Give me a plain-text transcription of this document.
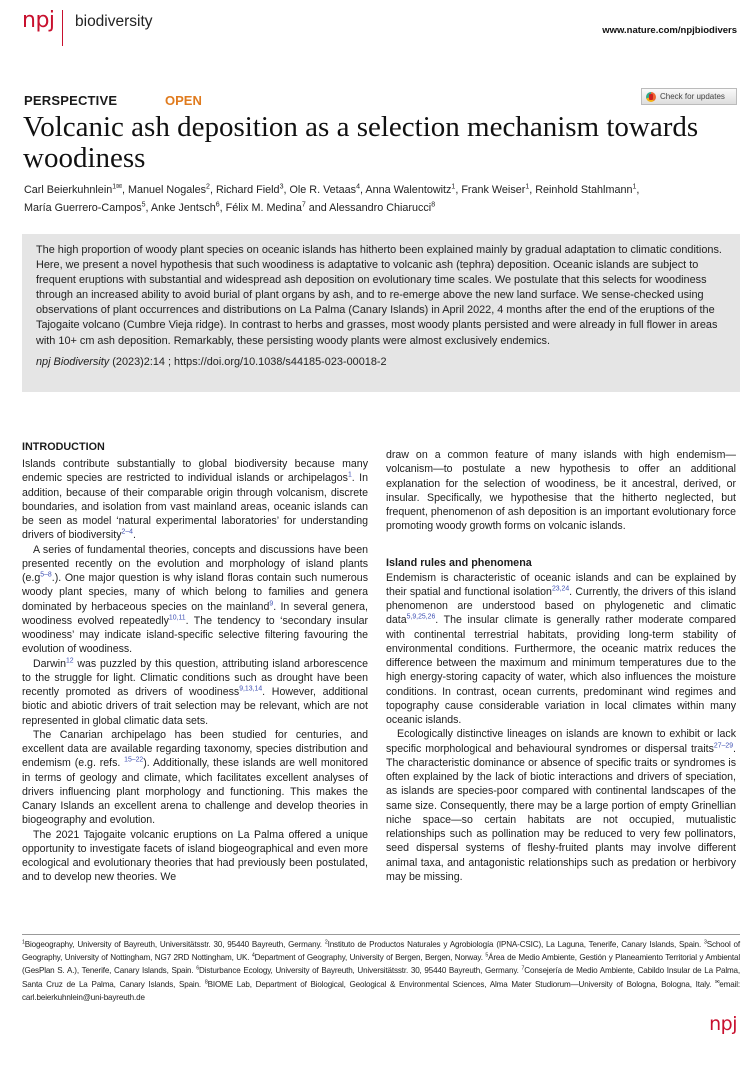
npj biodiversity
www.nature.com/npjbiodivers
PERSPECTIVE	OPEN	Check for updates
Volcanic ash deposition as a selection mechanism towards woodiness
Carl Beierkuhnlein$^{1✉}$, Manuel Nogales$^2$, Richard Field$^3$, Ole R. Vetaas$^4$, Anna Walentowitz$^1$, Frank Weiser$^1$, Reinhold Stahlmann$^1$,
María Guerrero-Campos$^5$, Anke Jentsch$^6$, Félix M. Medina$^7$ and Alessandro Chiarucci$^8$
The high proportion of woody plant species on oceanic islands has hitherto been explained mainly by gradual adaptation to climatic conditions. Here, we present a novel hypothesis that such woodiness is adaptative to volcanic ash (tephra) deposition. Oceanic islands are subject to frequent eruptions with substantial and widespread ash deposition on evolutionary time scales. We postulate that this selects for woodiness through an increased ability to avoid burial of plant organs by ash, and to re-emerge above the new land surface. We sense-checked using observations of plant occurrences and distributions on La Palma (Canary Islands) in April 2022, 4 months after the end of the eruptions of the Tajogaite volcano (Cumbre Vieja ridge). In contrast to herbs and grasses, most woody plants persisted and were already in full flower in areas with 10+ cm ash deposition. Remarkably, these persisting woody plants were almost exclusively endemics.
npj Biodiversity (2023)2:14 ; https://doi.org/10.1038/s44185-023-00018-2
INTRODUCTION

Islands contribute substantially to global biodiversity because many endemic species are restricted to individual islands or archipelagos$^1$. In addition, because of their comparable origin through volcanism, discrete boundaries, and isolation from vast mainland areas, oceanic islands can be seen as model ‘natural experimental laboratories’ for understanding drivers of biodiversity$^{2-4}$.

A series of fundamental theories, concepts and discussions have been presented recently on the evolution and morphology of island plants (e.g$^{5-8}$.). One major question is why island floras contain such numerous woody plant species, many of which belong to families and genera dominated by herbaceous species on the mainland$^9$. In several genera, woodiness evolved repeatedly$^{10,11}$. The tendency to ‘secondary insular woodiness’ may indicate island-specific selective filtering favouring the evolution of woodiness.

Darwin$^{12}$ was puzzled by this question, attributing island arborescence to the struggle for light. Climatic conditions such as drought have been recently promoted as drivers of woodiness$^{9,13,14}$. However, additional biotic and abiotic drivers of trait selection may be relevant, which are not represented in global climatic data sets.

The Canarian archipelago has been studied for centuries, and excellent data are available regarding taxonomy, species distribution and endemism (e.g. refs. $^{15-22}$). Additionally, these islands are well monitored in terms of geology and climate, which facilitates excellent analyses of drivers influencing plant morphology and functioning. This makes the Canary Islands an excellent arena to challenge and develop theories in biogeography and evolution.

The 2021 Tajogaite volcanic eruptions on La Palma offered a unique opportunity to investigate facets of island biogeographical and even more ecological and evolutionary theories that had previously been postulated, and to develop new theories. We

draw on a common feature of many islands with high endemism—volcanism—to postulate a new hypothesis to offer an additional explanation for the selection of woodiness, be it ancestral, derived, or insular. Specifically, we hypothesise that the hitherto neglected, but frequent, phenomenon of ash deposition is an important evolutionary force promoting woody growth forms on volcanic islands.

Island rules and phenomena

Endemism is characteristic of oceanic islands and can be explained by their spatial and functional isolation$^{23,24}$. Currently, the drivers of this island phenomenon are understood based on phylogenetic and climatic data$^{5,9,25,26}$. The insular climate is generally rather moderate compared with continental terrestrial habitats, providing long-term stability of environmental conditions. Furthermore, the oceanic matrix reduces the difference between the maximum and minimum temperatures due to the high energy-storing capacity of water, which also influences the moisture conditions. In contrast, ocean currents, predominant wind regimes and topography cause considerable variation in local climates within many oceanic islands.

Ecologically distinctive lineages on islands are known to exhibit or lack specific morphological and behavioural syndromes or dispersal traits$^{27-29}$. The characteristic dominance or absence of specific traits or syndromes is often explained by the lack of biotic interactions and drivers of speciation, as islands are species-poor compared with continental landscapes of the same size. Consequently, there may be a large portion of empty Grinellian niche space—so certain habitats are not occupied, mutualistic relationships such as pollination may be reduced to very few pollinators, seed dispersal systems of fleshy-fruited plants may involve different animal taxa, and antagonistic relationships such as predation or herbivory may be missing.

$^1$Biogeography, University of Bayreuth, Universitätsstr. 30, 95440 Bayreuth, Germany. $^2$Instituto de Productos Naturales y Agrobiología (IPNA-CSIC), La Laguna, Tenerife, Canary Islands, Spain. $^3$School of Geography, University of Nottingham, NG7 2RD Nottingham, UK. $^4$Department of Geography, University of Bergen, Bergen, Norway. $^5$Área de Medio Ambiente, Gestión y Planeamiento Territorial y Ambiental (GesPlan S. A.), Tenerife, Canary Islands, Spain. $^6$Disturbance Ecology, University of Bayreuth, Universitätsstr. 30, 95440 Bayreuth, Germany. $^7$Consejería de Medio Ambiente, Cabildo Insular de La Palma, Santa Cruz de La Palma, Canary Islands, Spain. $^8$BIOME Lab, Department of Biological, Geological & Environmental Sciences, Alma Mater Studiorum—University of Bologna, Bologna, Italy. ✉email: carl.beierkuhnlein@uni-bayreuth.de
npj
